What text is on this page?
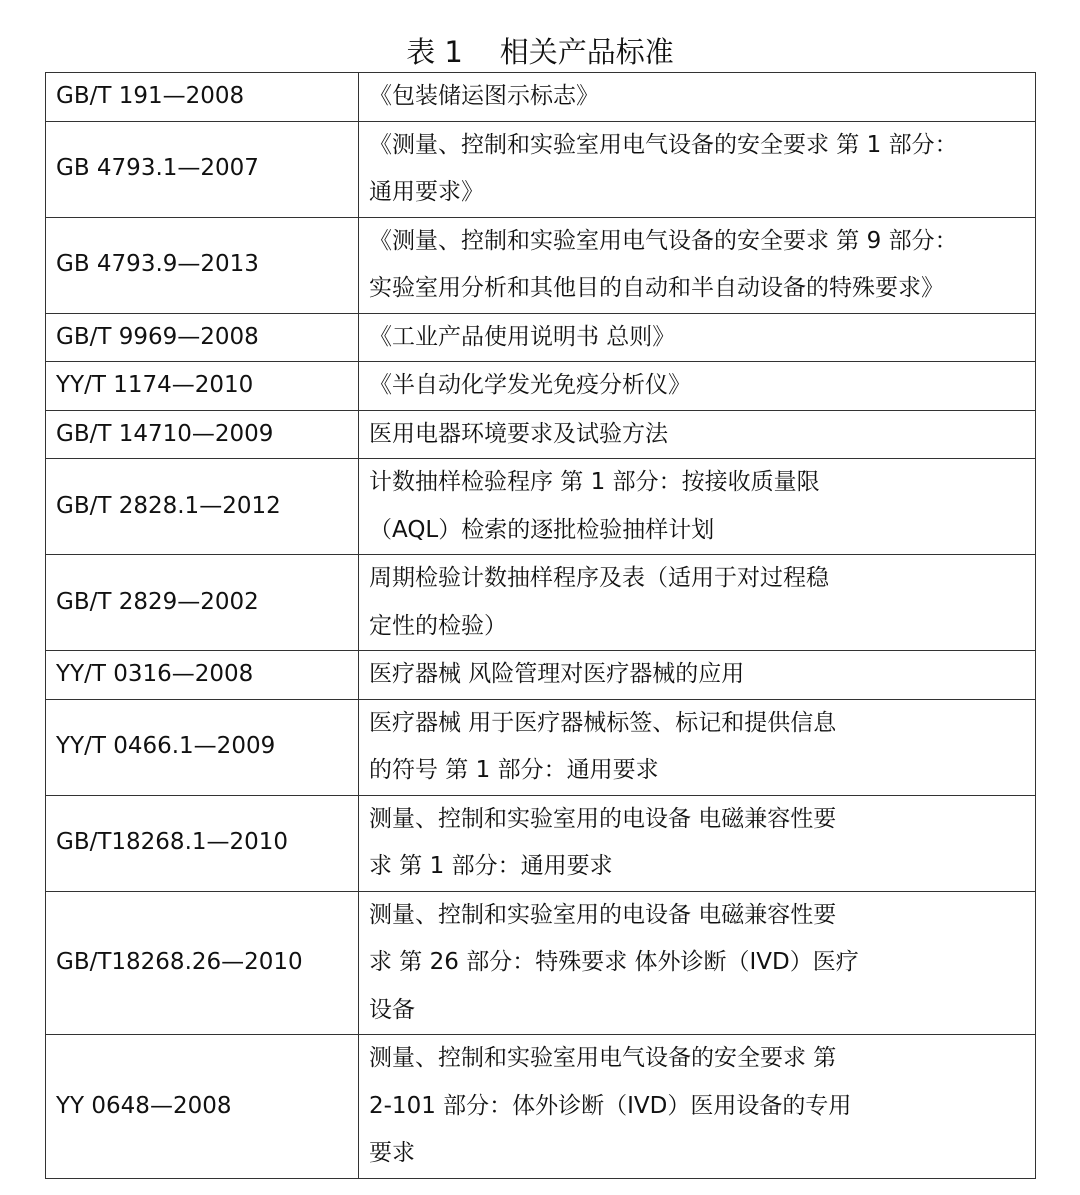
表 1    相关产品标准
GB/T 191—2008	《包装储运图示标志》

GB 4793.1—2007	《测量、控制和实验室用电气设备的安全要求 第 1 部分：
通用要求》

GB 4793.9—2013	《测量、控制和实验室用电气设备的安全要求 第 9 部分：
实验室用分析和其他目的自动和半自动设备的特殊要求》

GB/T 9969—2008	《工业产品使用说明书 总则》

YY/T 1174—2010	《半自动化学发光免疫分析仪》

GB/T 14710—2009	医用电器环境要求及试验方法

GB/T 2828.1—2012	计数抽样检验程序 第 1 部分：按接收质量限
（AQL）检索的逐批检验抽样计划

GB/T 2829—2002	周期检验计数抽样程序及表（适用于对过程稳
定性的检验）

YY/T 0316—2008	医疗器械 风险管理对医疗器械的应用

YY/T 0466.1—2009	医疗器械 用于医疗器械标签、标记和提供信息
的符号 第 1 部分：通用要求

GB/T18268.1—2010	测量、控制和实验室用的电设备 电磁兼容性要
求 第 1 部分：通用要求

GB/T18268.26—2010	测量、控制和实验室用的电设备 电磁兼容性要
求 第 26 部分：特殊要求 体外诊断（IVD）医疗
设备

YY 0648—2008	测量、控制和实验室用电气设备的安全要求 第
2-101 部分：体外诊断（IVD）医用设备的专用
要求
